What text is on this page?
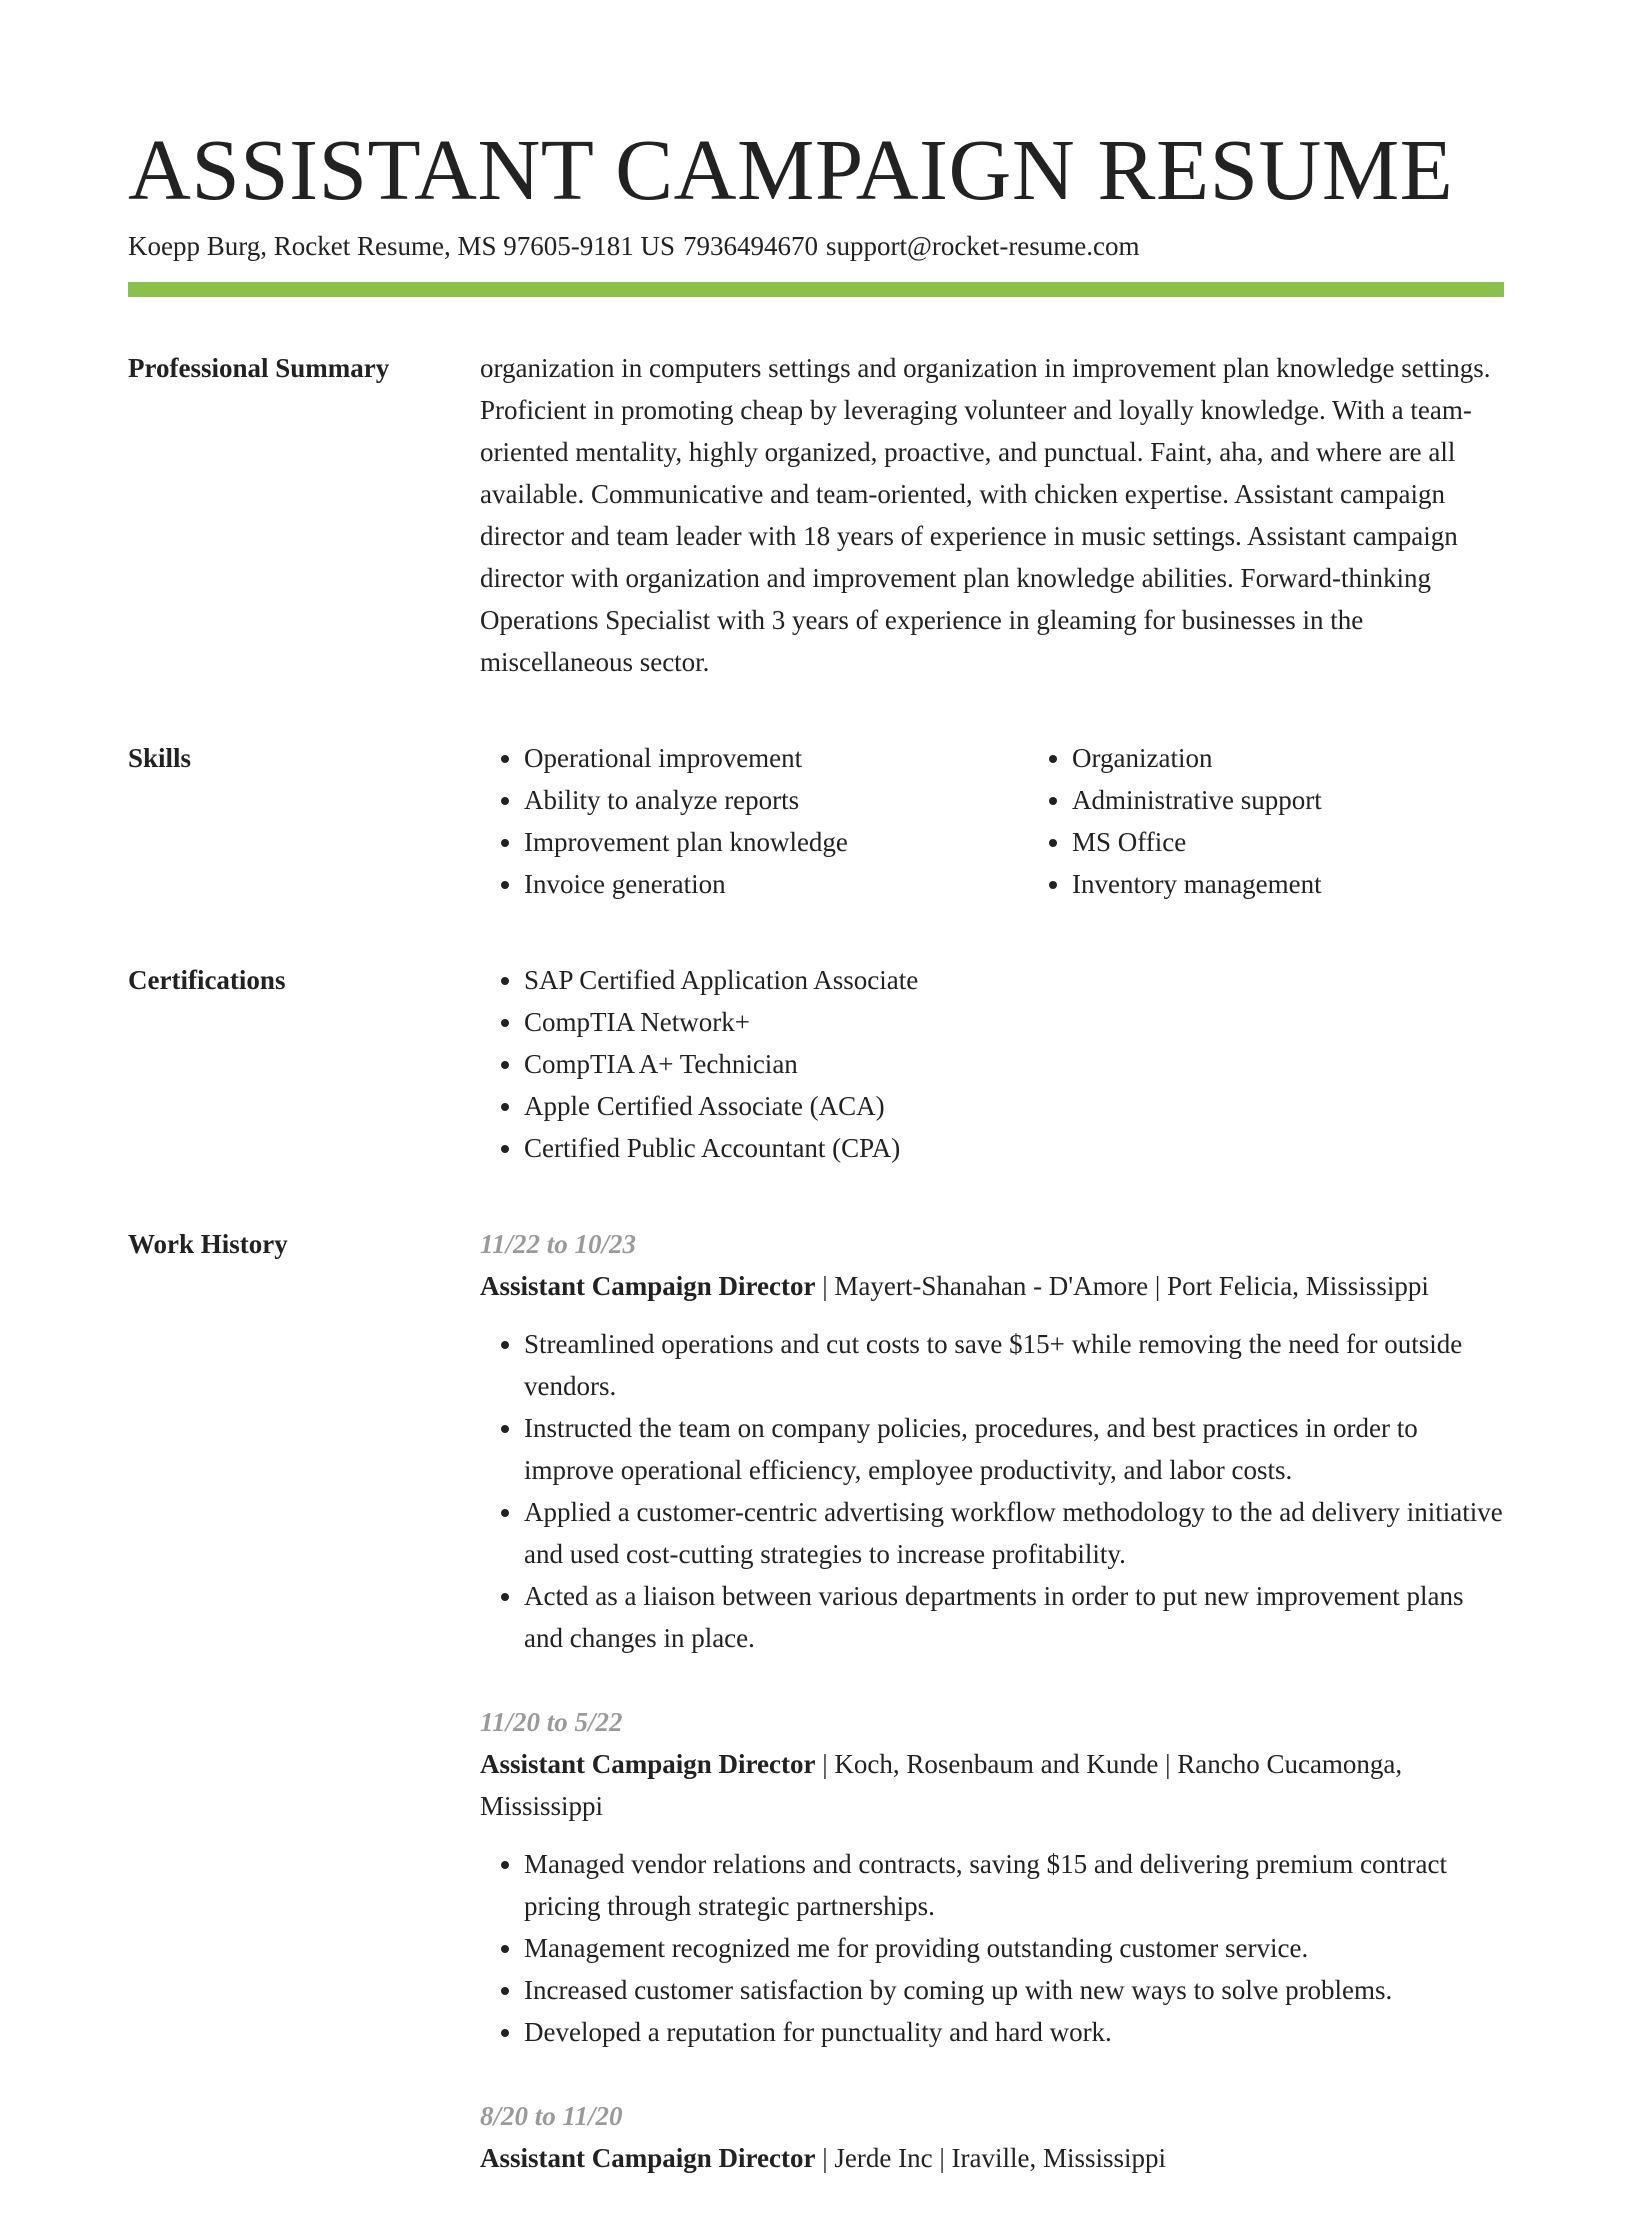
ASSISTANT CAMPAIGN RESUME
Koepp Burg, Rocket Resume, MS 97605-9181 US 7936494670 support@rocket-resume.com
Professional Summary	organization in computers settings and organization in improvement plan knowledge settings. Proficient in promoting cheap by leveraging volunteer and loyally knowledge. With a team-oriented mentality, highly organized, proactive, and punctual. Faint, aha, and where are all available. Communicative and team-oriented, with chicken expertise. Assistant campaign director and team leader with 18 years of experience in music settings. Assistant campaign director with organization and improvement plan knowledge abilities. Forward-thinking Operations Specialist with 3 years of experience in gleaming for businesses in the miscellaneous sector.

Skills	• Operational improvement
• Ability to analyze reports
• Improvement plan knowledge
• Invoice generation
• Organization
• Administrative support
• MS Office
• Inventory management
Certifications	• SAP Certified Application Associate
• CompTIA Network+
• CompTIA A+ Technician
• Apple Certified Associate (ACA)
• Certified Public Accountant (CPA)
Work History	11/22 to 10/23
Assistant Campaign Director | Mayert-Shanahan - D'Amore | Port Felicia, Mississippi
• Streamlined operations and cut costs to save $15+ while removing the need for outside vendors.
• Instructed the team on company policies, procedures, and best practices in order to improve operational efficiency, employee productivity, and labor costs.
• Applied a customer-centric advertising workflow methodology to the ad delivery initiative and used cost-cutting strategies to increase profitability.
• Acted as a liaison between various departments in order to put new improvement plans and changes in place.
11/20 to 5/22
Assistant Campaign Director | Koch, Rosenbaum and Kunde | Rancho Cucamonga, Mississippi
• Managed vendor relations and contracts, saving $15 and delivering premium contract pricing through strategic partnerships.
• Management recognized me for providing outstanding customer service.
• Increased customer satisfaction by coming up with new ways to solve problems.
• Developed a reputation for punctuality and hard work.
8/20 to 11/20
Assistant Campaign Director | Jerde Inc | Iraville, Mississippi
